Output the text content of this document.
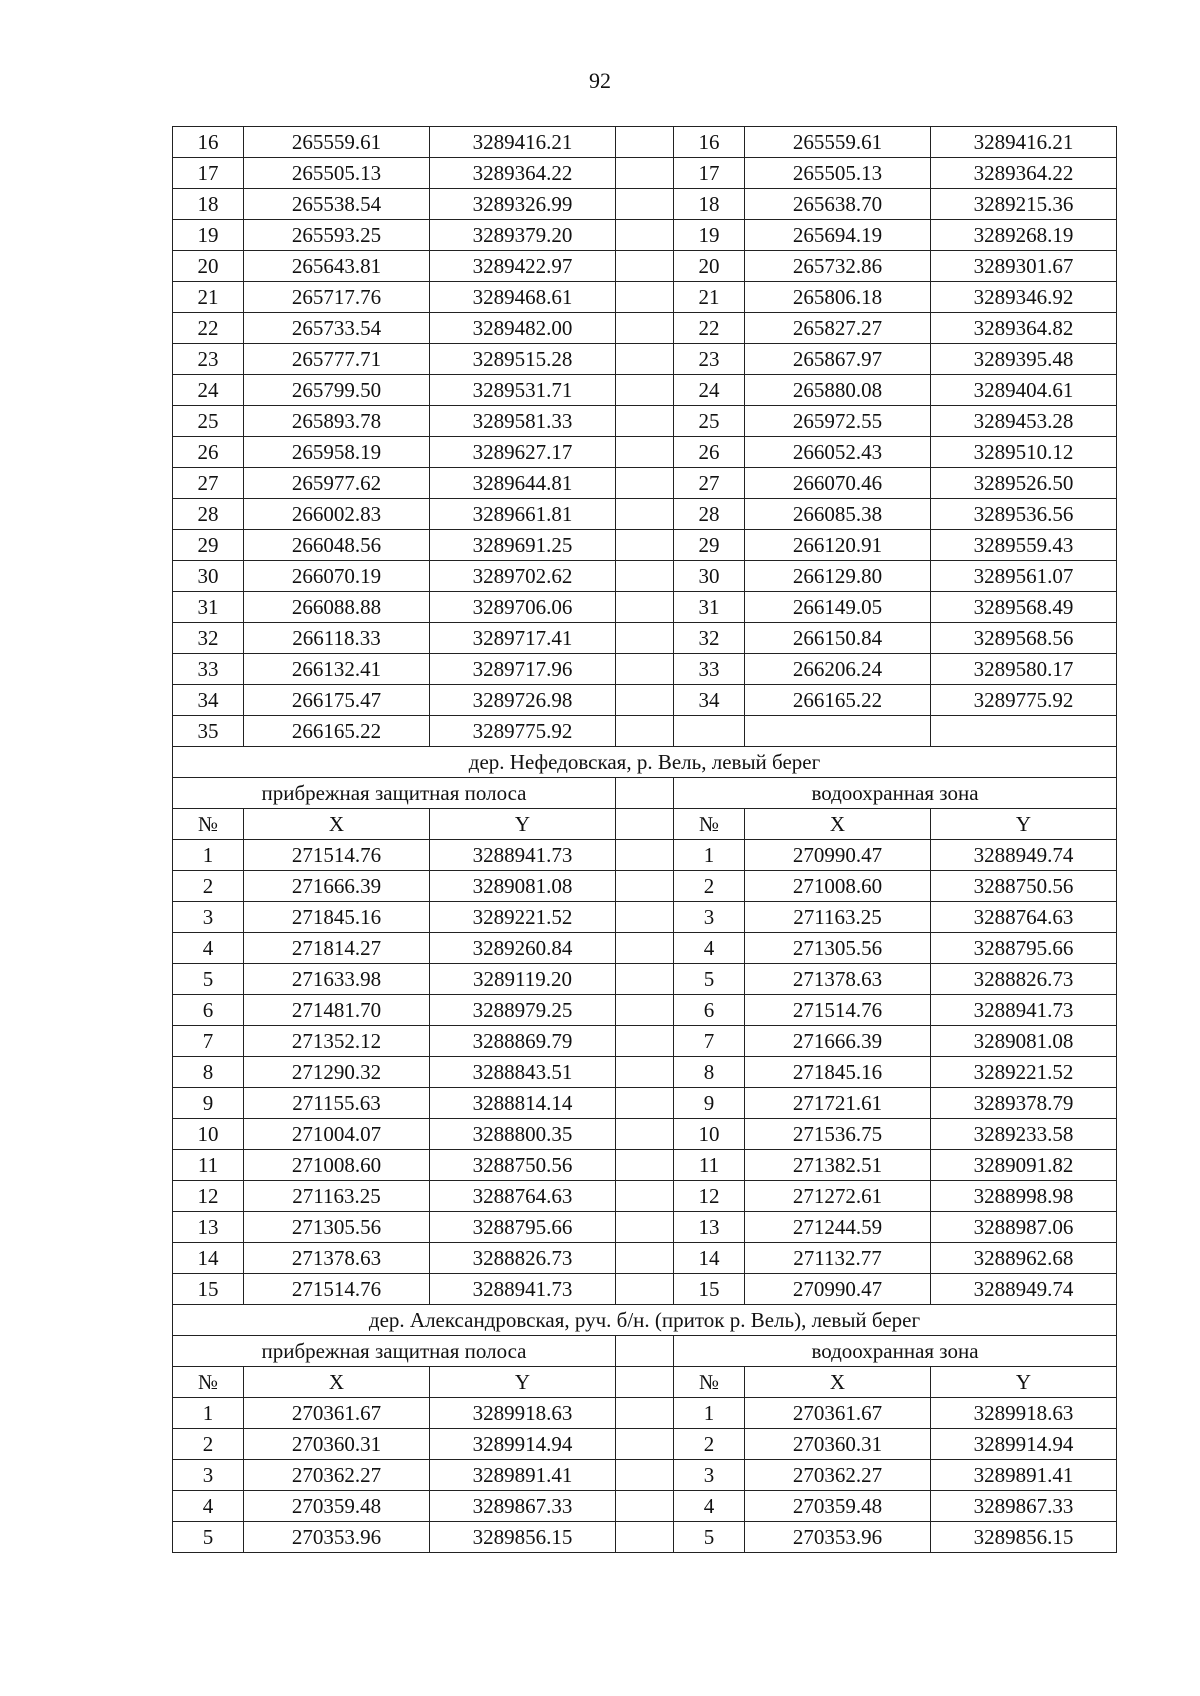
92
16	265559.61	3289416.21		16	265559.61	3289416.21
17	265505.13	3289364.22		17	265505.13	3289364.22
18	265538.54	3289326.99		18	265638.70	3289215.36
19	265593.25	3289379.20		19	265694.19	3289268.19
20	265643.81	3289422.97		20	265732.86	3289301.67
21	265717.76	3289468.61		21	265806.18	3289346.92
22	265733.54	3289482.00		22	265827.27	3289364.82
23	265777.71	3289515.28		23	265867.97	3289395.48
24	265799.50	3289531.71		24	265880.08	3289404.61
25	265893.78	3289581.33		25	265972.55	3289453.28
26	265958.19	3289627.17		26	266052.43	3289510.12
27	265977.62	3289644.81		27	266070.46	3289526.50
28	266002.83	3289661.81		28	266085.38	3289536.56
29	266048.56	3289691.25		29	266120.91	3289559.43
30	266070.19	3289702.62		30	266129.80	3289561.07
31	266088.88	3289706.06		31	266149.05	3289568.49
32	266118.33	3289717.41		32	266150.84	3289568.56
33	266132.41	3289717.96		33	266206.24	3289580.17
34	266175.47	3289726.98		34	266165.22	3289775.92
35	266165.22	3289775.92				
дер. Нефедовская, р. Вель, левый берег						
прибрежная защитная полоса				водоохранная зона		
№	X	Y		№	X	Y
1	271514.76	3288941.73		1	270990.47	3288949.74
2	271666.39	3289081.08		2	271008.60	3288750.56
3	271845.16	3289221.52		3	271163.25	3288764.63
4	271814.27	3289260.84		4	271305.56	3288795.66
5	271633.98	3289119.20		5	271378.63	3288826.73
6	271481.70	3288979.25		6	271514.76	3288941.73
7	271352.12	3288869.79		7	271666.39	3289081.08
8	271290.32	3288843.51		8	271845.16	3289221.52
9	271155.63	3288814.14		9	271721.61	3289378.79
10	271004.07	3288800.35		10	271536.75	3289233.58
11	271008.60	3288750.56		11	271382.51	3289091.82
12	271163.25	3288764.63		12	271272.61	3288998.98
13	271305.56	3288795.66		13	271244.59	3288987.06
14	271378.63	3288826.73		14	271132.77	3288962.68
15	271514.76	3288941.73		15	270990.47	3288949.74
дер. Александровская, руч. б/н. (приток р. Вель), левый берег						
прибрежная защитная полоса				водоохранная зона		
№	X	Y		№	X	Y
1	270361.67	3289918.63		1	270361.67	3289918.63
2	270360.31	3289914.94		2	270360.31	3289914.94
3	270362.27	3289891.41		3	270362.27	3289891.41
4	270359.48	3289867.33		4	270359.48	3289867.33
5	270353.96	3289856.15		5	270353.96	3289856.15
